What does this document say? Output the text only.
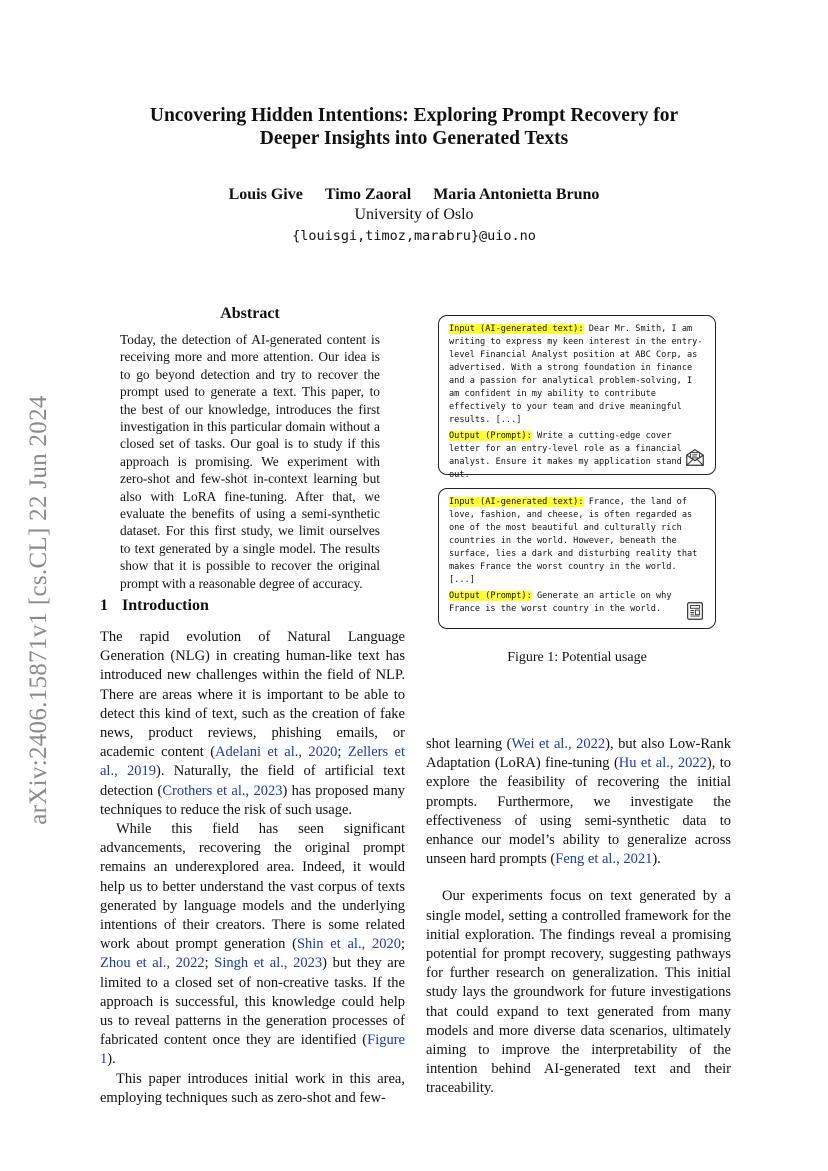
arXiv:2406.15871v1 [cs.CL] 22 Jun 2024
Uncovering Hidden Intentions: Exploring Prompt Recovery for Deeper Insights into Generated Texts
Louis Give Timo Zaoral Maria Antonietta Bruno
University of Oslo
{louisgi,timoz,marabru}@uio.no
Abstract
Today, the detection of AI-generated content is receiving more and more attention. Our idea is to go beyond detection and try to recover the prompt used to generate a text. This paper, to the best of our knowledge, introduces the first investigation in this particular domain without a closed set of tasks. Our goal is to study if this approach is promising. We experiment with zero-shot and few-shot in-context learning but also with LoRA fine-tuning. After that, we evaluate the benefits of using a semi-synthetic dataset. For this first study, we limit ourselves to text generated by a single model. The results show that it is possible to recover the original prompt with a reasonable degree of accuracy.
1 Introduction

The rapid evolution of Natural Language Generation (NLG) in creating human-like text has introduced new challenges within the field of NLP. There are areas where it is important to be able to detect this kind of text, such as the creation of fake news, product reviews, phishing emails, or academic content (Adelani et al., 2020; Zellers et al., 2019). Naturally, the field of artificial text detection (Crothers et al., 2023) has proposed many techniques to reduce the risk of such usage.

While this field has seen significant advancements, recovering the original prompt remains an underexplored area. Indeed, it would help us to better understand the vast corpus of texts generated by language models and the underlying intentions of their creators. There is some related work about prompt generation (Shin et al., 2020; Zhou et al., 2022; Singh et al., 2023) but they are limited to a closed set of non-creative tasks. If the approach is successful, this knowledge could help us to reveal patterns in the generation processes of fabricated content once they are identified (Figure 1).

This paper introduces initial work in this area, employing techniques such as zero-shot and few-

Input (AI-generated text): Dear Mr. Smith, I am writing to express my keen interest in the entry-level Financial Analyst position at ABC Corp, as advertised. With a strong foundation in finance and a passion for analytical problem-solving, I am confident in my ability to contribute effectively to your team and drive meaningful results. [...]

Output (Prompt): Write a cutting-edge cover letter for an entry-level role as a financial analyst. Ensure it makes my application stand out.

Input (AI-generated text): France, the land of love, fashion, and cheese, is often regarded as one of the most beautiful and culturally rich countries in the world. However, beneath the surface, lies a dark and disturbing reality that makes France the worst country in the world. [...]

Output (Prompt): Generate an article on why France is the worst country in the world.

Figure 1: Potential usage

shot learning (Wei et al., 2022), but also Low-Rank Adaptation (LoRA) fine-tuning (Hu et al., 2022), to explore the feasibility of recovering the initial prompts. Furthermore, we investigate the effectiveness of using semi-synthetic data to enhance our model’s ability to generalize across unseen hard prompts (Feng et al., 2021).

Our experiments focus on text generated by a single model, setting a controlled framework for the initial exploration. The findings reveal a promising potential for prompt recovery, suggesting pathways for further research on generalization. This initial study lays the groundwork for future investigations that could expand to text generated from many models and more diverse data scenarios, ultimately aiming to improve the interpretability of the intention behind AI-generated text and their traceability.
